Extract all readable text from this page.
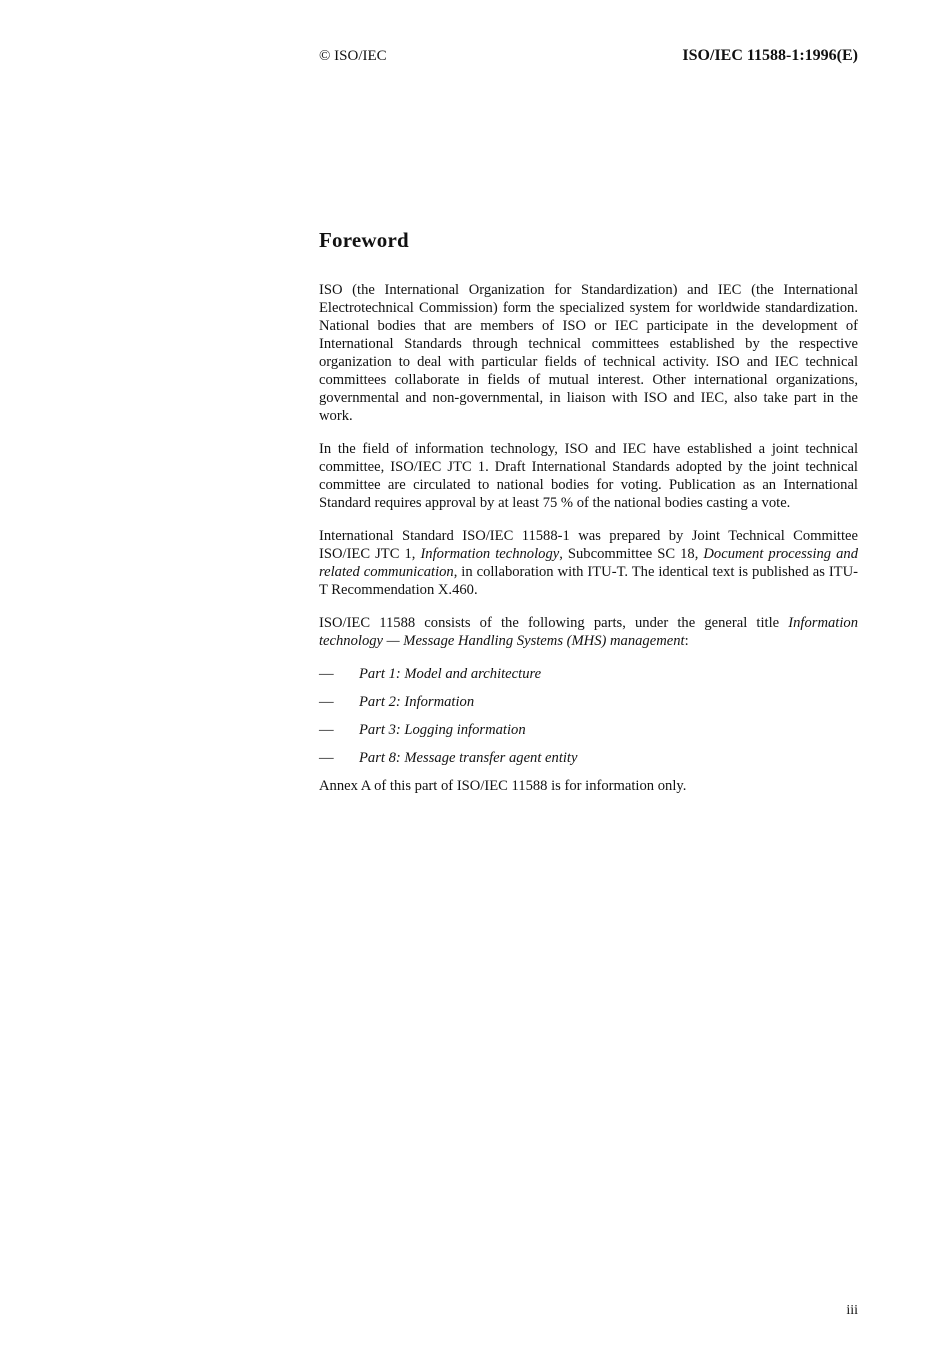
© ISO/IEC	ISO/IEC 11588-1:1996(E)
Foreword

ISO (the International Organization for Standardization) and IEC (the International Electrotechnical Commission) form the specialized system for worldwide standardization. National bodies that are members of ISO or IEC participate in the development of International Standards through technical committees established by the respective organization to deal with particular fields of technical activity. ISO and IEC technical committees collaborate in fields of mutual interest. Other international organizations, governmental and non-governmental, in liaison with ISO and IEC, also take part in the work.

In the field of information technology, ISO and IEC have established a joint technical committee, ISO/IEC JTC 1. Draft International Standards adopted by the joint technical committee are circulated to national bodies for voting. Publication as an International Standard requires approval by at least 75 % of the national bodies casting a vote.

International Standard ISO/IEC 11588-1 was prepared by Joint Technical Committee ISO/IEC JTC 1, Information technology, Subcommittee SC 18, Document processing and related communication, in collaboration with ITU-T. The identical text is published as ITU-T Recommendation X.460.

ISO/IEC 11588 consists of the following parts, under the general title Information technology — Message Handling Systems (MHS) management:

—	Part 1: Model and architecture
—	Part 2: Information
—	Part 3: Logging information
—	Part 8: Message transfer agent entity

Annex A of this part of ISO/IEC 11588 is for information only.

iii
